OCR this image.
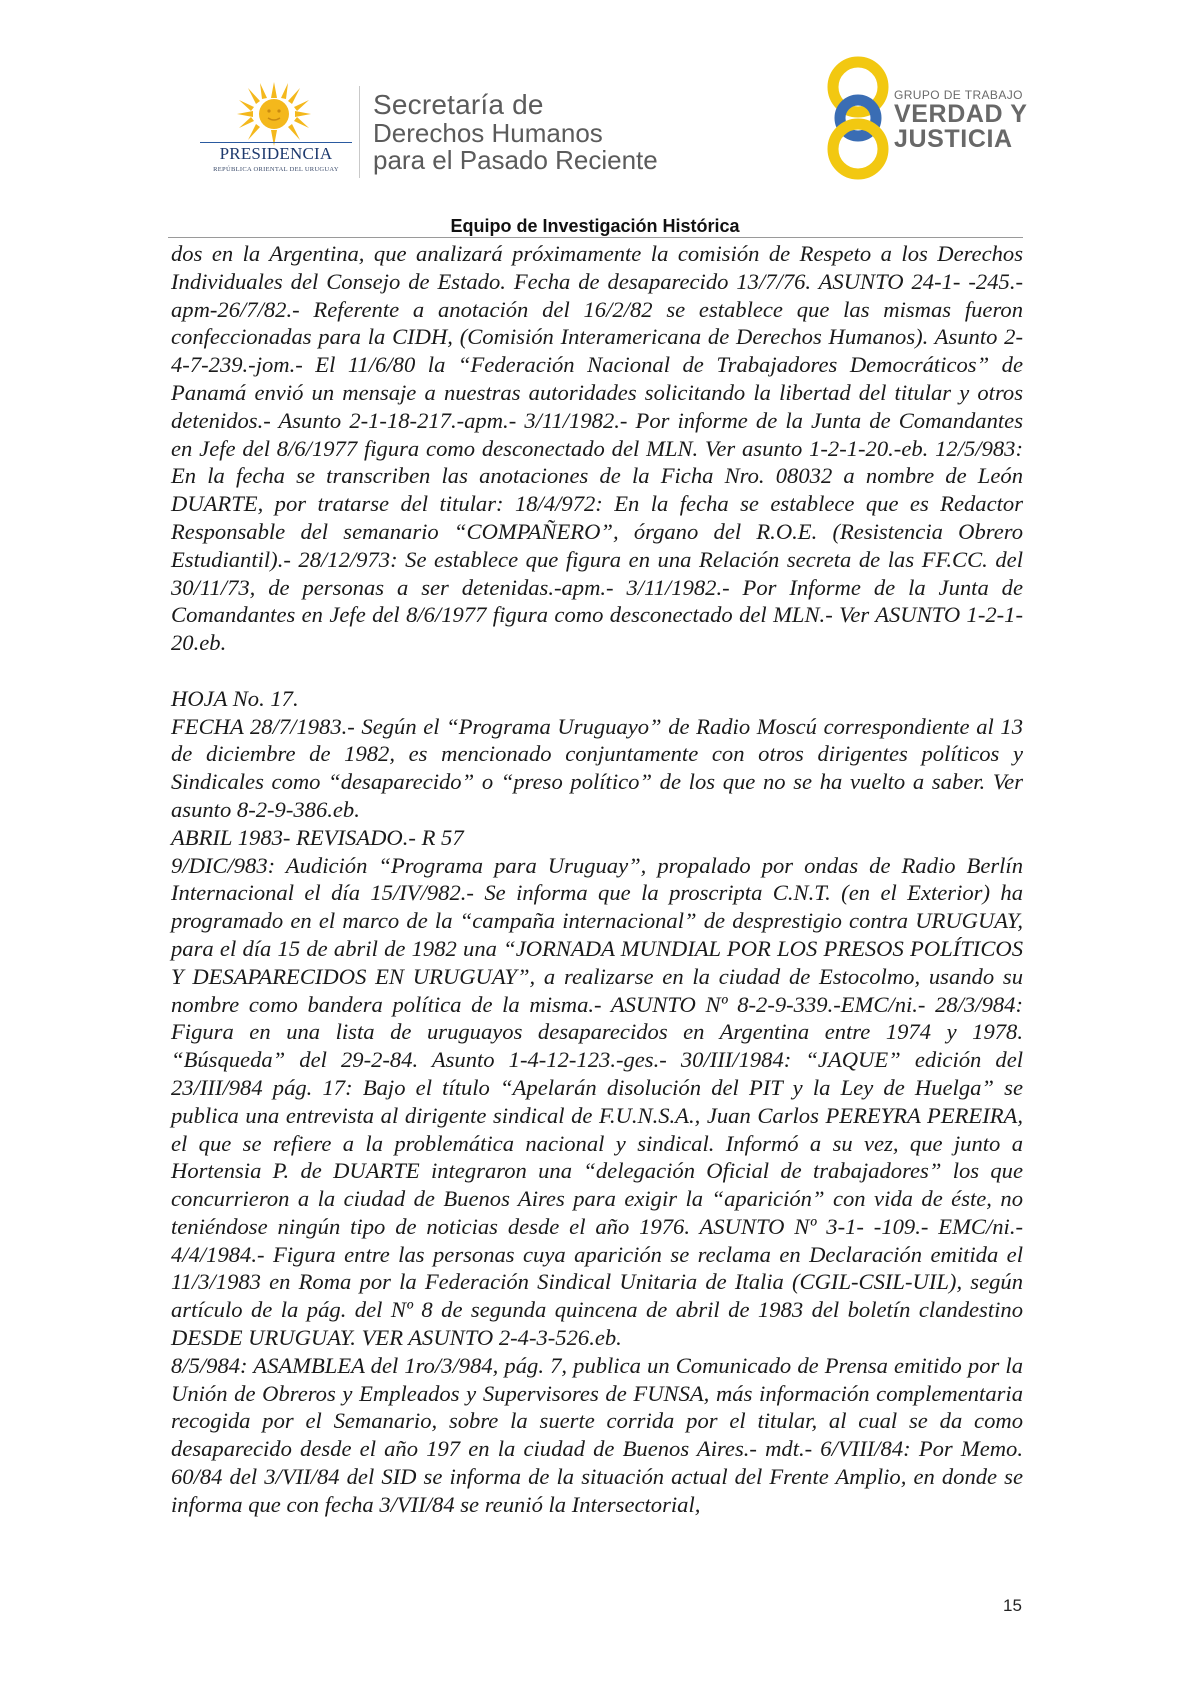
PRESIDENCIA
REPÚBLICA ORIENTAL DEL URUGUAY
Secretaría de
Derechos Humanos
para el Pasado Reciente
GRUPO DE TRABAJO
VERDAD Y
JUSTICIA
Equipo de Investigación Histórica

dos en la Argentina, que analizará próximamente la comisión de Respeto a los Derechos Individuales del Consejo de Estado. Fecha de desaparecido 13/7/76. ASUNTO 24-1- -245.-apm-26/7/82.- Referente a anotación del 16/2/82 se establece que las mismas fueron confeccionadas para la CIDH, (Comisión Interamericana de Derechos Humanos). Asunto 2-4-7-239.-jom.- El 11/6/80 la “Federación Nacional de Trabajadores Democráticos” de Panamá envió un mensaje a nuestras autoridades solicitando la libertad del titular y otros detenidos.- Asunto 2-1-18-217.-apm.- 3/11/1982.- Por informe de la Junta de Comandantes en Jefe del 8/6/1977 figura como desconectado del MLN. Ver asunto 1-2-1-20.-eb. 12/5/983: En la fecha se transcriben las anotaciones de la Ficha Nro. 08032 a nombre de León DUARTE, por tratarse del titular: 18/4/972: En la fecha se establece que es Redactor Responsable del semanario “COMPAÑERO”, órgano del R.O.E. (Resistencia Obrero Estudiantil).- 28/12/973: Se establece que figura en una Relación secreta de las FF.CC. del 30/11/73, de personas a ser detenidas.-apm.- 3/11/1982.- Por Informe de la Junta de Comandantes en Jefe del 8/6/1977 figura como desconectado del MLN.- Ver ASUNTO 1-2-1-20.eb.

HOJA No. 17.

FECHA 28/7/1983.- Según el “Programa Uruguayo” de Radio Moscú correspondiente al 13 de diciembre de 1982, es mencionado conjuntamente con otros dirigentes políticos y Sindicales como “desaparecido” o “preso político” de los que no se ha vuelto a saber. Ver asunto 8-2-9-386.eb.

ABRIL 1983- REVISADO.- R 57

9/DIC/983: Audición “Programa para Uruguay”, propalado por ondas de Radio Berlín Internacional el día 15/IV/982.- Se informa que la proscripta C.N.T. (en el Exterior) ha programado en el marco de la “campaña internacional” de desprestigio contra URUGUAY, para el día 15 de abril de 1982 una “JORNADA MUNDIAL POR LOS PRESOS POLÍTICOS Y DESAPARECIDOS EN URUGUAY”, a realizarse en la ciudad de Estocolmo, usando su nombre como bandera política de la misma.- ASUNTO Nº 8-2-9-339.-EMC/ni.- 28/3/984: Figura en una lista de uruguayos desaparecidos en Argentina entre 1974 y 1978. “Búsqueda” del 29-2-84. Asunto 1-4-12-123.-ges.- 30/III/1984: “JAQUE” edición del 23/III/984 pág. 17: Bajo el título “Apelarán disolución del PIT y la Ley de Huelga” se publica una entrevista al dirigente sindical de F.U.N.S.A., Juan Carlos PEREYRA PEREIRA, el que se refiere a la problemática nacional y sindical. Informó a su vez, que junto a Hortensia P. de DUARTE integraron una “delegación Oficial de trabajadores” los que concurrieron a la ciudad de Buenos Aires para exigir la “aparición” con vida de éste, no teniéndose ningún tipo de noticias desde el año 1976. ASUNTO Nº 3-1- -109.- EMC/ni.- 4/4/1984.- Figura entre las personas cuya aparición se reclama en Declaración emitida el 11/3/1983 en Roma por la Federación Sindical Unitaria de Italia (CGIL-CSIL-UIL), según artículo de la pág. del Nº 8 de segunda quincena de abril de 1983 del boletín clandestino DESDE URUGUAY. VER ASUNTO 2-4-3-526.eb.

8/5/984: ASAMBLEA del 1ro/3/984, pág. 7, publica un Comunicado de Prensa emitido por la Unión de Obreros y Empleados y Supervisores de FUNSA, más información complementaria recogida por el Semanario, sobre la suerte corrida por el titular, al cual se da como desaparecido desde el año 197 en la ciudad de Buenos Aires.- mdt.- 6/VIII/84: Por Memo. 60/84 del 3/VII/84 del SID se informa de la situación actual del Frente Amplio, en donde se informa que con fecha 3/VII/84 se reunió la Intersectorial,

15
